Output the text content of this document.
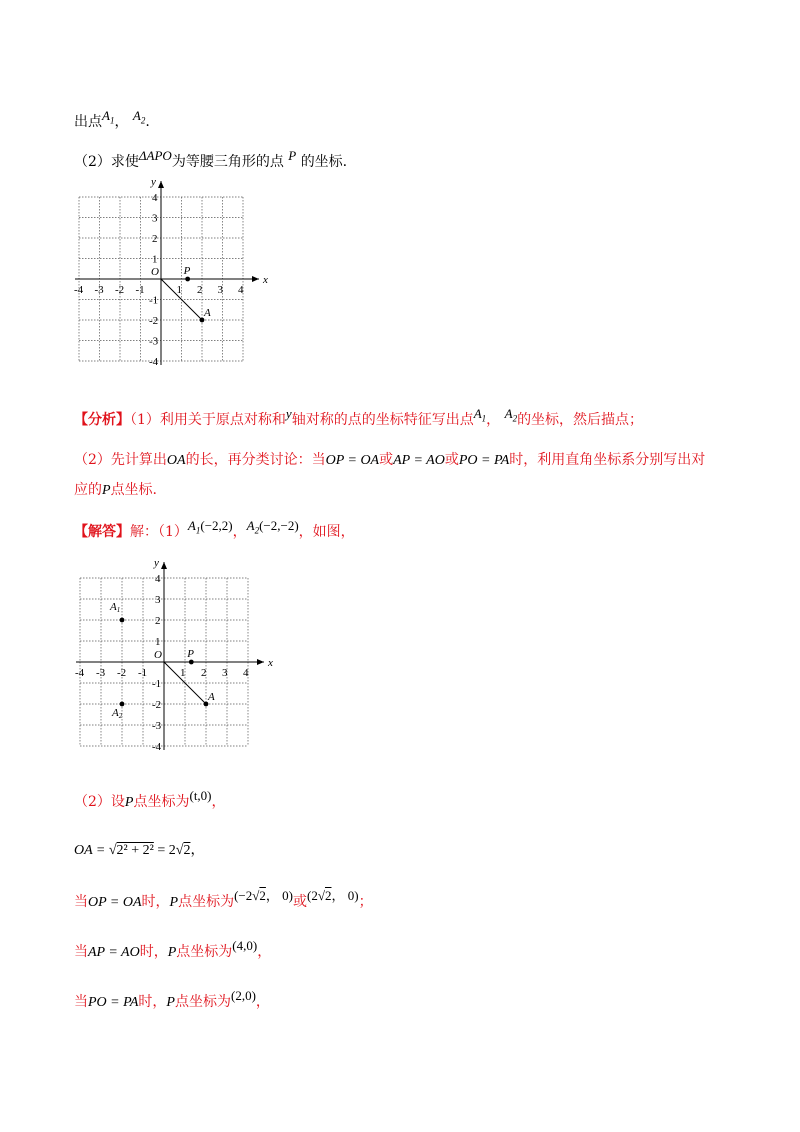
出点$A_1$， $A_2$.
（2）求使ΔAPO为等腰三角形的点 P 的坐标.
x
y
O
-4 -3 -2 -1	1 2 3 4
4
3
2
1
-1
-2
-3
-4
P
A
【分析】（1）利用关于原点对称和y轴对称的点的坐标特征写出点$A_1$， $A_2$的坐标，然后描点；
（2）先计算出OA的长，再分类讨论：当OP = OA或AP = AO或PO = PA时，利用直角坐标系分别写出对
应的P点坐标.
【解答】解：$(1)A_1(-2,2)$，$A_2(-2,-2)$，如图，
x
y
O
-4 -3 -2 -1	1 2 3 4
4
3
2
1
-1
-2
-3
-4
A1
A2
P
A
（2）设P点坐标为(t,0)，
OA = √2² + 2² = 2√2，
当OP = OA时，P点坐标为(−2√2， 0)或(2√2， 0)；
当AP = AO时，P点坐标为(4,0)，
当PO = PA时，P点坐标为(2,0)，
